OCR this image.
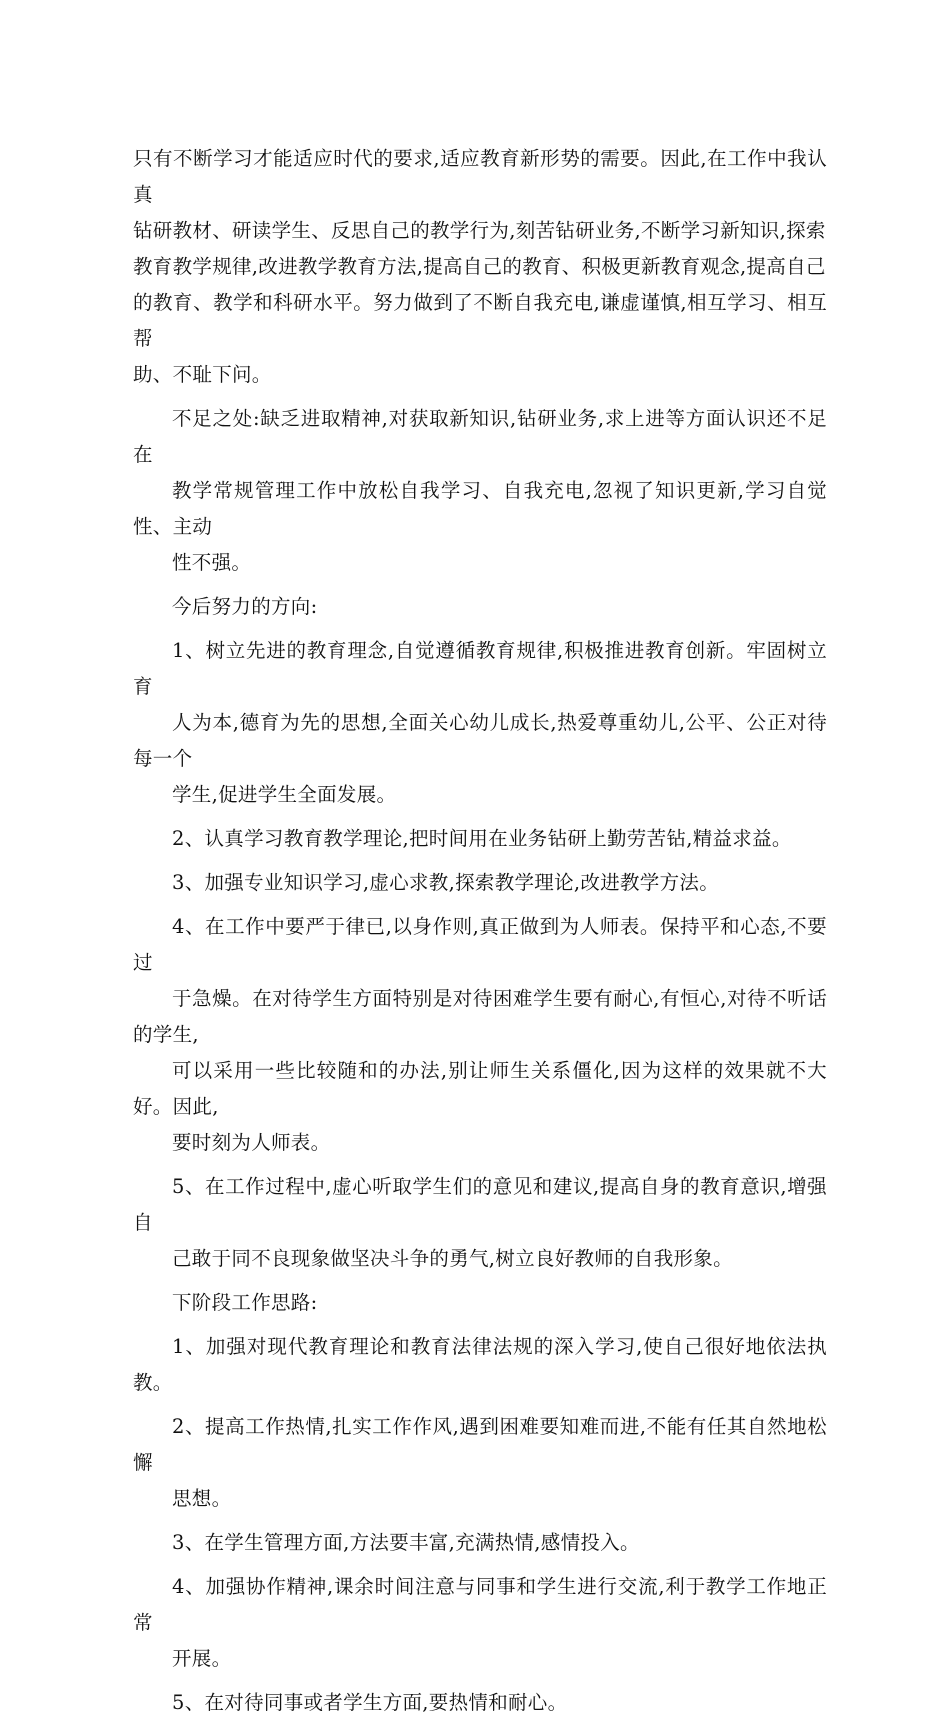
只有不断学习才能适应时代的要求,适应教育新形势的需要。因此,在工作中我认真
钻研教材、研读学生、反思自己的教学行为,刻苦钻研业务,不断学习新知识,探索
教育教学规律,改进教学教育方法,提高自己的教育、积极更新教育观念,提高自己
的教育、教学和科研水平。努力做到了不断自我充电,谦虚谨慎,相互学习、相互帮
助、不耻下问。

不足之处:缺乏进取精神,对获取新知识,钻研业务,求上进等方面认识还不足在
教学常规管理工作中放松自我学习、自我充电,忽视了知识更新,学习自觉性、主动
性不强。

今后努力的方向:

1、树立先进的教育理念,自觉遵循教育规律,积极推进教育创新。牢固树立育
人为本,德育为先的思想,全面关心幼儿成长,热爱尊重幼儿,公平、公正对待每一个
学生,促进学生全面发展。

2、认真学习教育教学理论,把时间用在业务钻研上勤劳苦钻,精益求益。

3、加强专业知识学习,虚心求教,探索教学理论,改进教学方法。

4、在工作中要严于律已,以身作则,真正做到为人师表。保持平和心态,不要过
于急燥。在对待学生方面特别是对待困难学生要有耐心,有恒心,对待不听话的学生,
可以采用一些比较随和的办法,别让师生关系僵化,因为这样的效果就不大好。因此,
要时刻为人师表。

5、在工作过程中,虚心听取学生们的意见和建议,提高自身的教育意识,增强自
己敢于同不良现象做坚决斗争的勇气,树立良好教师的自我形象。

下阶段工作思路:

1、加强对现代教育理论和教育法律法规的深入学习,使自己很好地依法执教。

2、提高工作热情,扎实工作作风,遇到困难要知难而进,不能有任其自然地松懈
思想。

3、在学生管理方面,方法要丰富,充满热情,感情投入。

4、加强协作精神,课余时间注意与同事和学生进行交流,利于教学工作地正常
开展。

5、在对待同事或者学生方面,要热情和耐心。
